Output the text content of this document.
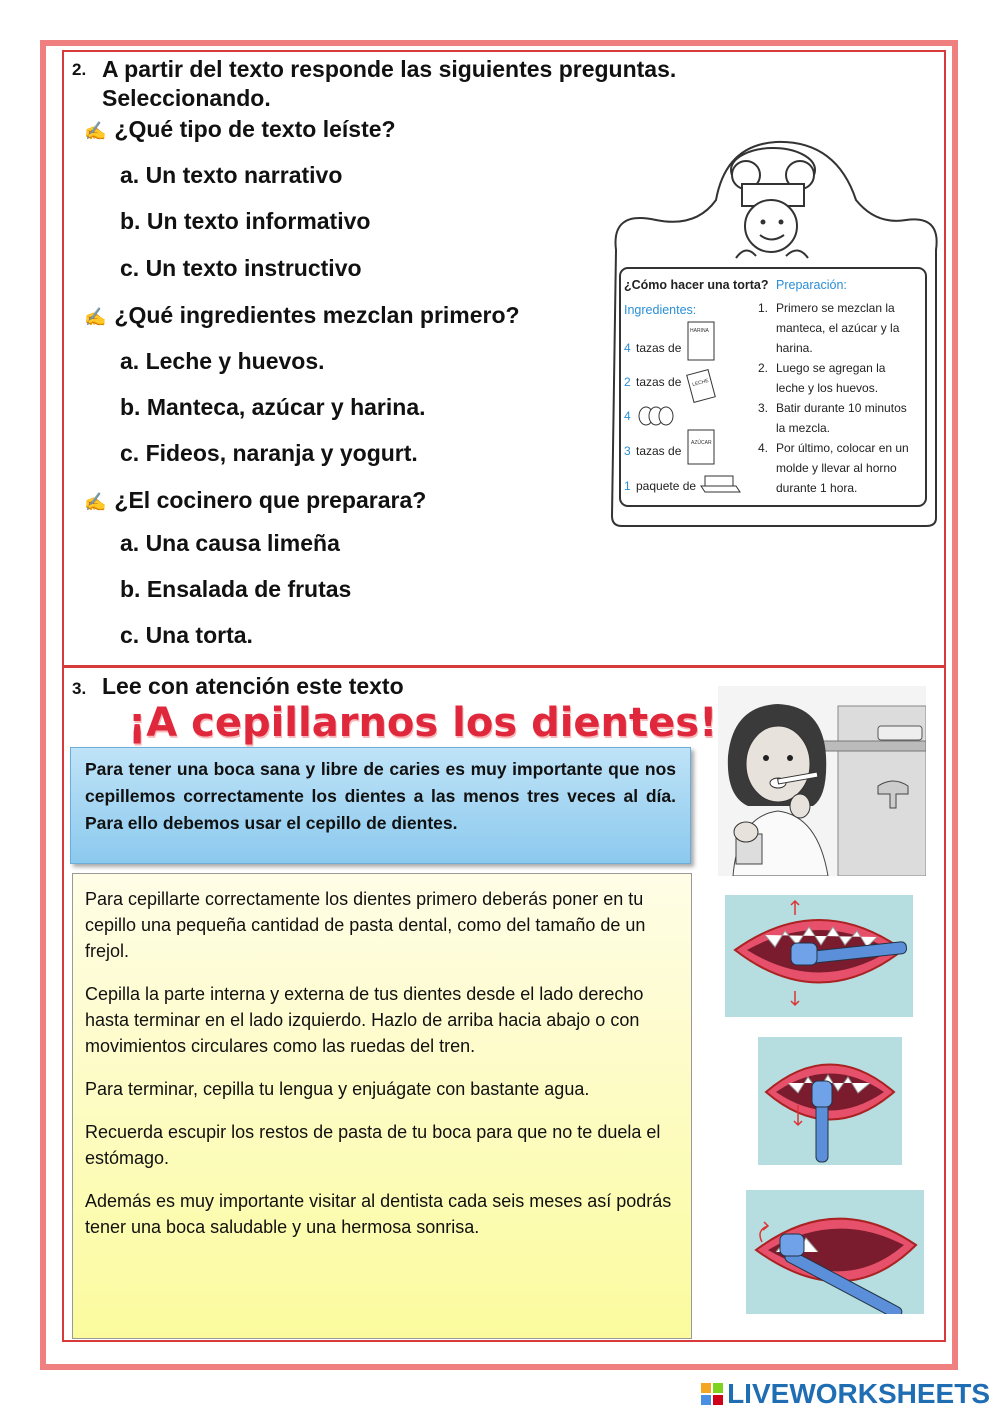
2. A partir del texto responde las siguientes preguntas.
Seleccionando.
✍ ¿Qué tipo de texto leíste?
a. Un texto narrativo
b. Un texto informativo
c. Un texto instructivo
✍ ¿Qué ingredientes mezclan primero?
a. Leche y huevos.
b. Manteca, azúcar y harina.
c. Fideos, naranja y yogurt.
✍ ¿El cocinero que preparara?
a. Una causa limeña
b. Ensalada de frutas
c. Una torta.
¿Cómo hacer una torta? Preparación:
Ingredientes:
4 tazas de
2 tazas de
4
3 tazas de
1 paquete de
HARINA
LECHE
AZÚCAR
1. Primero se mezclan la
manteca, el azúcar y la
harina.
2. Luego se agregan la
leche y los huevos.
3. Batir durante 10 minutos
la mezcla.
4. Por último, colocar en un
molde y llevar al horno
durante 1 hora.
3. Lee con atención este texto
¡A cepillarnos los dientes!
Para tener una boca sana y libre de caries es muy importante que nos cepillemos correctamente los dientes a las menos tres veces al día. Para ello debemos usar el cepillo de dientes.

Para cepillarte correctamente los dientes primero deberás poner en tu cepillo una pequeña cantidad de pasta dental, como del tamaño de un frejol.

Cepilla la parte interna y externa de tus dientes desde el lado derecho hasta terminar en el lado izquierdo. Hazlo de arriba hacia abajo o con movimientos circulares como las ruedas del tren.

Para terminar, cepilla tu lengua y enjuágate con bastante agua.

Recuerda escupir los restos de pasta de tu boca para que no te duela el estómago.

Además es muy importante visitar al dentista cada seis meses así podrás tener una boca saludable y una hermosa sonrisa.

LIVEWORKSHEETS
